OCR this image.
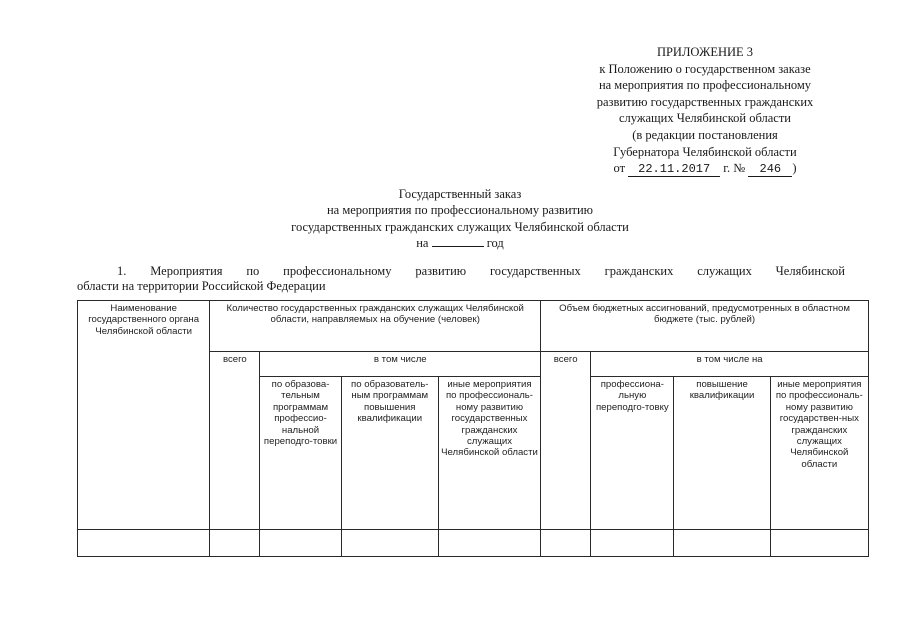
ПРИЛОЖЕНИЕ 3
к Положению о государственном заказе
на мероприятия по профессиональному
развитию государственных гражданских
служащих Челябинской области
(в редакции постановления
Губернатора Челябинской области
от 22.11.2017 г. № 246 )
Государственный заказ
на мероприятия по профессиональному развитию
государственных гражданских служащих Челябинской области
на	год
1. Мероприятия по профессиональному развитию государственных гражданских служащих Челябинской
области на территории Российской Федерации
Наименование государственного органа Челябинской области	Количество государственных гражданских служащих Челябинской области, направляемых на обучение (человек)				Объем бюджетных ассигнований, предусмотренных в областном бюджете (тыс. рублей)			
	всего	в том числе			всего	в том числе на		
		по образова-тельным программам профессио-нальной переподго-товки	по образователь-ным программам повышения квалификации	иные мероприятия по профессиональ-ному развитию государственных гражданских служащих Челябинской области		профессиона-льную переподго-товку	повышение квалификации	иные мероприятия по профессиональ-ному развитию государствен-ных гражданских служащих Челябинской области
